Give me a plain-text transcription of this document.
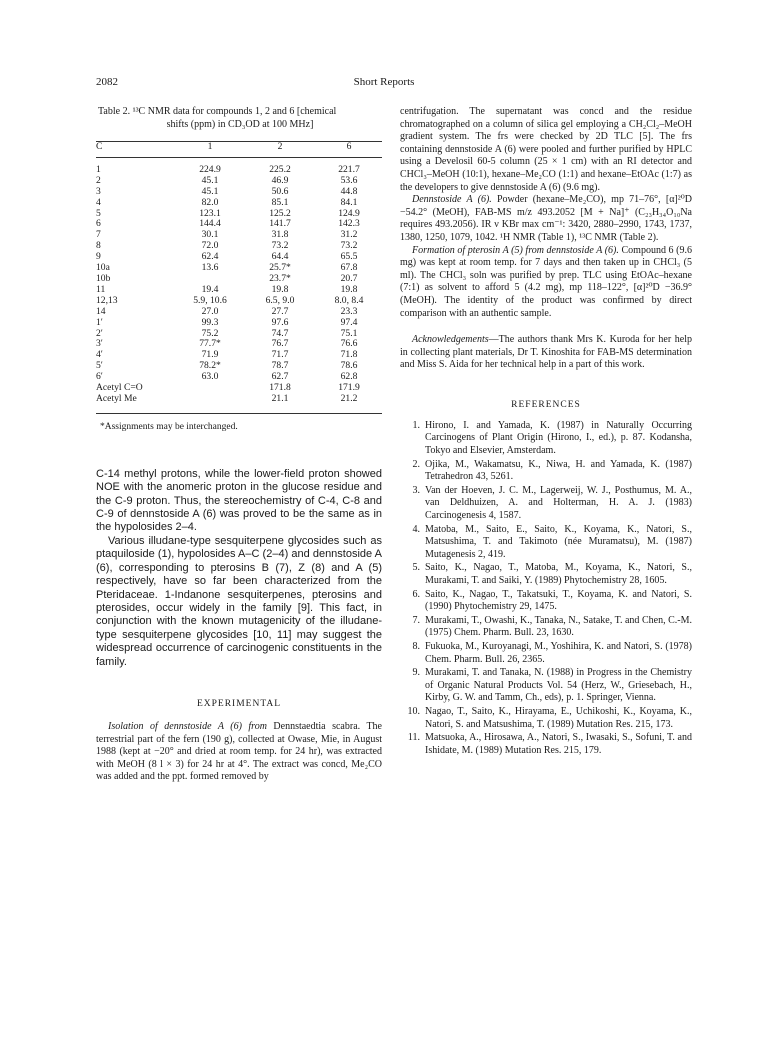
2082	Short Reports
Table 2. ¹³C NMR data for compounds 1, 2 and 6 [chemical
shifts (ppm) in CD₃OD at 100 MHz]
C	1	2	6
1	224.9	225.2	221.7
2	45.1	46.9	53.6
3	45.1	50.6	44.8
4	82.0	85.1	84.1
5	123.1	125.2	124.9
6	144.4	141.7	142.3
7	30.1	31.8	31.2
8	72.0	73.2	73.2
9	62.4	64.4	65.5
10a	13.6	25.7*	67.8
10b		23.7*	20.7
11	19.4	19.8	19.8
12,13	5.9, 10.6	6.5, 9.0	8.0, 8.4
14	27.0	27.7	23.3
1′	99.3	97.6	97.4
2′	75.2	74.7	75.1
3′	77.7*	76.7	76.6
4′	71.9	71.7	71.8
5′	78.2*	78.7	78.6
6′	63.0	62.7	62.8
Acetyl C=O		171.8	171.9
Acetyl Me		21.1	21.2
*Assignments may be interchanged.

C-14 methyl protons, while the lower-field proton showed NOE with the anomeric proton in the glucose residue and the C-9 proton. Thus, the stereochemistry of C-4, C-8 and C-9 of dennstoside A (6) was proved to be the same as in the hypolosides 2–4.

Various illudane-type sesquiterpene glycosides such as ptaquiloside (1), hypolosides A–C (2–4) and dennstoside A (6), corresponding to pterosins B (7), Z (8) and A (5) respectively, have so far been characterized from the Pteridaceae. 1-Indanone sesquiterpenes, pterosins and pterosides, occur widely in the family [9]. This fact, in conjunction with the known mutagenicity of the illudane-type sesquiterpene glycosides [10, 11] may suggest the widespread occurrence of carcinogenic constituents in the family.

EXPERIMENTAL

Isolation of dennstoside A (6) from Dennstaedtia scabra. The terrestrial part of the fern (190 g), collected at Owase, Mie, in August 1988 (kept at −20° and dried at room temp. for 24 hr), was extracted with MeOH (8 l × 3) for 24 hr at 4°. The extract was concd, Me₂CO was added and the ppt. formed removed by

centrifugation. The supernatant was concd and the residue chromatographed on a column of silica gel employing a CH₂Cl₂–MeOH gradient system. The frs were checked by 2D TLC [5]. The frs containing dennstoside A (6) were pooled and further purified by HPLC using a Develosil 60-5 column (25 × 1 cm) with an RI detector and CHCl₃–MeOH (10:1), hexane–Me₂CO (1:1) and hexane–EtOAc (1:7) as the developers to give dennstoside A (6) (9.6 mg).

Dennstoside A (6). Powder (hexane–Me₂CO), mp 71–76°, [α]²⁰D −54.2° (MeOH), FAB-MS m/z 493.2052 [M + Na]⁺ (C₂₃H₃₄O₁₀Na requires 493.2056). IR ν KBr max cm⁻¹: 3420, 2880–2990, 1743, 1737, 1380, 1250, 1079, 1042. ¹H NMR (Table 1), ¹³C NMR (Table 2).

Formation of pterosin A (5) from dennstoside A (6). Compound 6 (9.6 mg) was kept at room temp. for 7 days and then taken up in CHCl₃ (5 ml). The CHCl₃ soln was purified by prep. TLC using EtOAc–hexane (7:1) as solvent to afford 5 (4.2 mg), mp 118–122°, [α]²⁰D −36.9° (MeOH). The identity of the product was confirmed by direct comparison with an authentic sample.

Acknowledgements—The authors thank Mrs K. Kuroda for her help in collecting plant materials, Dr T. Kinoshita for FAB-MS determination and Miss S. Aida for her technical help in a part of this work.

REFERENCES
1. Hirono, I. and Yamada, K. (1987) in Naturally Occurring Carcinogens of Plant Origin (Hirono, I., ed.), p. 87. Kodansha, Tokyo and Elsevier, Amsterdam.
2. Ojika, M., Wakamatsu, K., Niwa, H. and Yamada, K. (1987) Tetrahedron 43, 5261.
3. Van der Hoeven, J. C. M., Lagerweij, W. J., Posthumus, M. A., van Deldhuizen, A. and Holterman, H. A. J. (1983) Carcinogenesis 4, 1587.
4. Matoba, M., Saito, E., Saito, K., Koyama, K., Natori, S., Matsushima, T. and Takimoto (née Muramatsu), M. (1987) Mutagenesis 2, 419.
5. Saito, K., Nagao, T., Matoba, M., Koyama, K., Natori, S., Murakami, T. and Saiki, Y. (1989) Phytochemistry 28, 1605.
6. Saito, K., Nagao, T., Takatsuki, T., Koyama, K. and Natori, S. (1990) Phytochemistry 29, 1475.
7. Murakami, T., Owashi, K., Tanaka, N., Satake, T. and Chen, C.-M. (1975) Chem. Pharm. Bull. 23, 1630.
8. Fukuoka, M., Kuroyanagi, M., Yoshihira, K. and Natori, S. (1978) Chem. Pharm. Bull. 26, 2365.
9. Murakami, T. and Tanaka, N. (1988) in Progress in the Chemistry of Organic Natural Products Vol. 54 (Herz, W., Griesebach, H., Kirby, G. W. and Tamm, Ch., eds), p. 1. Springer, Vienna.
10. Nagao, T., Saito, K., Hirayama, E., Uchikoshi, K., Koyama, K., Natori, S. and Matsushima, T. (1989) Mutation Res. 215, 173.
11. Matsuoka, A., Hirosawa, A., Natori, S., Iwasaki, S., Sofuni, T. and Ishidate, M. (1989) Mutation Res. 215, 179.
